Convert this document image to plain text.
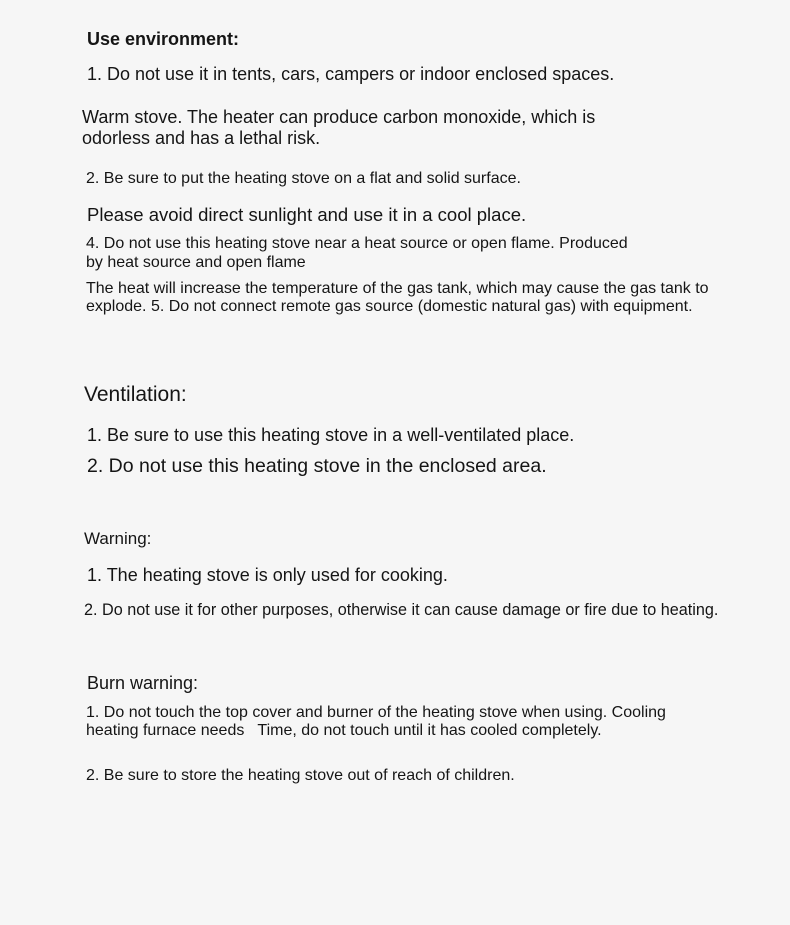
Use environment:

1. Do not use it in tents, cars, campers or indoor enclosed spaces.

Warm stove. The heater can produce carbon monoxide, which is

odorless and has a lethal risk.

2. Be sure to put the heating stove on a flat and solid surface.

Please avoid direct sunlight and use it in a cool place.

4. Do not use this heating stove near a heat source or open flame. Produced

by heat source and open flame

The heat will increase the temperature of the gas tank, which may cause the gas tank to

explode. 5. Do not connect remote gas source (domestic natural gas) with equipment.

Ventilation:

1. Be sure to use this heating stove in a well-ventilated place.

2. Do not use this heating stove in the enclosed area.

Warning:

1. The heating stove is only used for cooking.

2. Do not use it for other purposes, otherwise it can cause damage or fire due to heating.

Burn warning:

1. Do not touch the top cover and burner of the heating stove when using. Cooling

heating furnace needs   Time, do not touch until it has cooled completely.

2. Be sure to store the heating stove out of reach of children.
